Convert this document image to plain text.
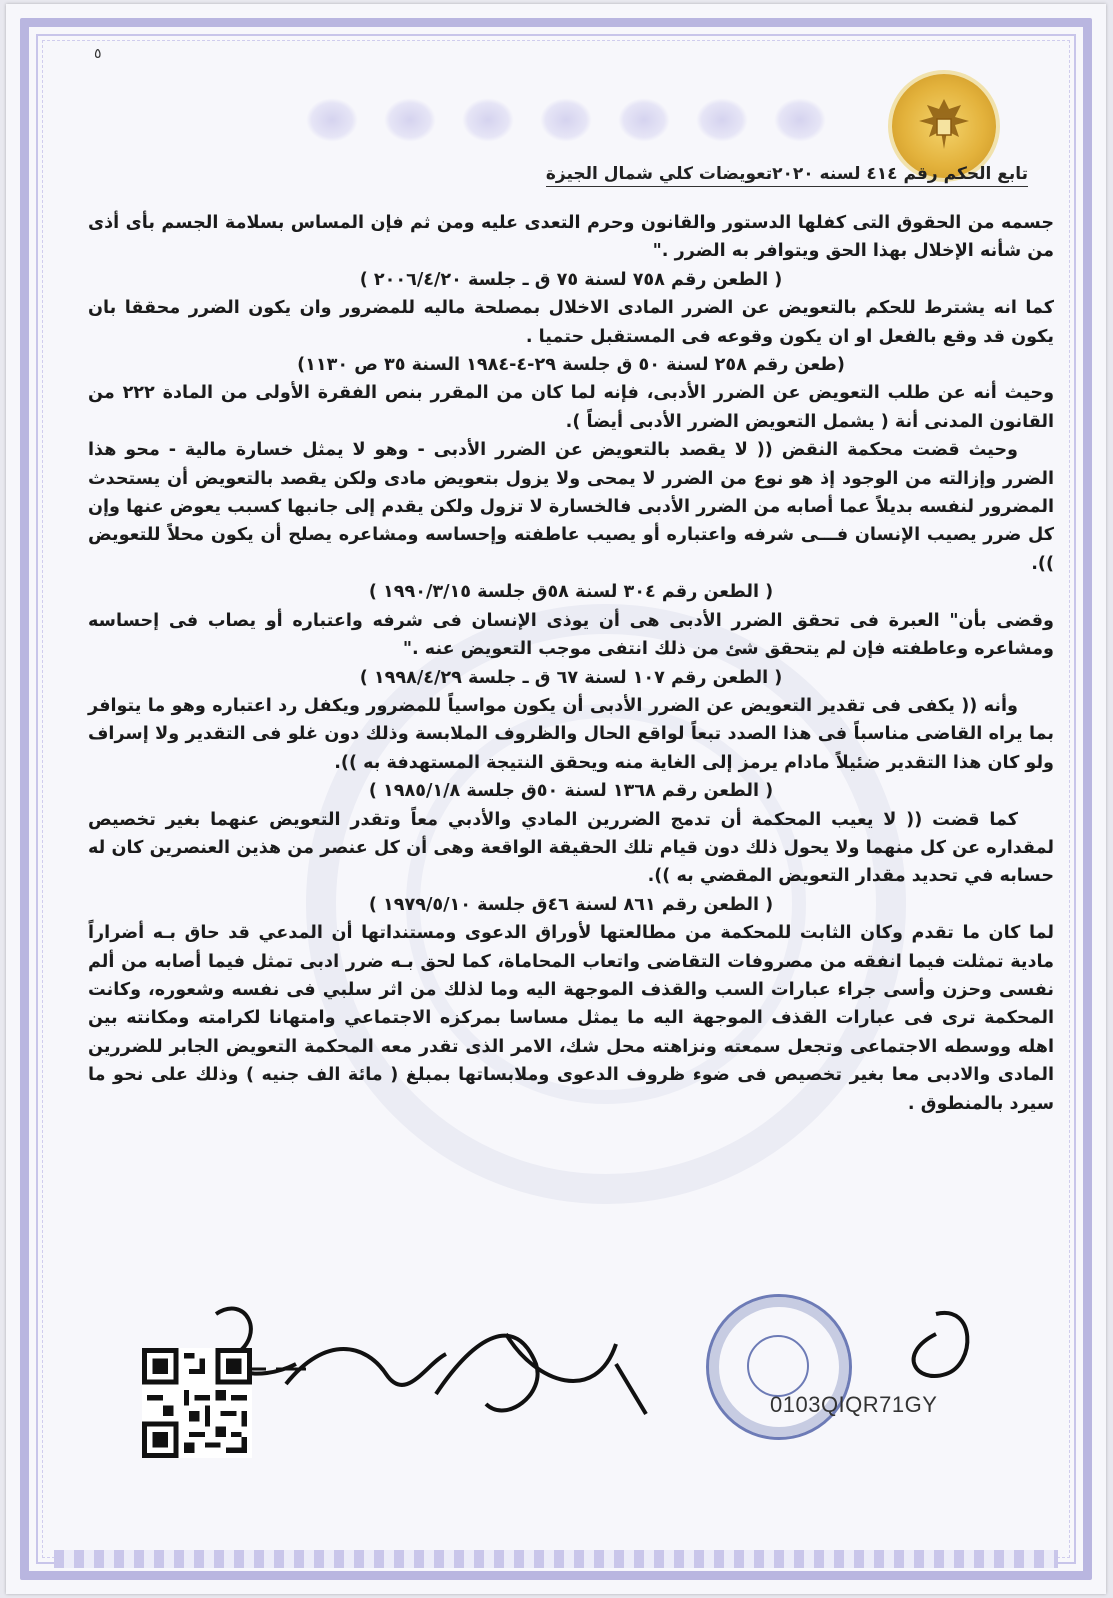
٥
تابع الحكم رقم ٤١٤ لسنه ٢٠٢٠تعويضات كلي شمال الجيزة

جسمه من الحقوق التى كفلها الدستور والقانون وحرم التعدى عليه ومن ثم فإن المساس بسلامة الجسم بأى أذى من شأنه الإخلال بهذا الحق ويتوافر به الضرر ."

( الطعن رقم ٧٥٨ لسنة ٧٥ ق ـ جلسة ٢٠٠٦/٤/٢٠ )

كما انه يشترط للحكم بالتعويض عن الضرر المادى الاخلال بمصلحة ماليه للمضرور وان يكون الضرر محققا بان يكون قد وقع بالفعل او ان يكون وقوعه فى المستقبل حتميا .

(طعن رقم ٢٥٨ لسنة ٥٠ ق جلسة ٢٩-٤-١٩٨٤ السنة ٣٥ ص ١١٣٠)

وحيث أنه عن طلب التعويض عن الضرر الأدبى، فإنه لما كان من المقرر بنص الفقرة الأولى من المادة ٢٢٢ من القانون المدنى أنة ( يشمل التعويض الضرر الأدبى أيضاً ).

وحيث قضت محكمة النقض (( لا يقصد بالتعويض عن الضرر الأدبى - وهو لا يمثل خسارة مالية - محو هذا الضرر وإزالته من الوجود إذ هو نوع من الضرر لا يمحى ولا يزول بتعويض مادى ولكن يقصد بالتعويض أن يستحدث المضرور لنفسه بديلاً عما أصابه من الضرر الأدبى فالخسارة لا تزول ولكن يقدم إلى جانبها كسبب يعوض عنها وإن كل ضرر يصيب الإنسان فـــى شرفه واعتباره أو يصيب عاطفته وإحساسه ومشاعره يصلح أن يكون محلاً للتعويض )).

( الطعن رقم ٣٠٤ لسنة ٥٨ق جلسة ١٩٩٠/٣/١٥ )

وقضى بأن" العبرة فى تحقق الضرر الأدبى هى أن يوذى الإنسان فى شرفه واعتباره أو يصاب فى إحساسه ومشاعره وعاطفته فإن لم يتحقق شئ من ذلك انتفى موجب التعويض عنه ."

( الطعن رقم ١٠٧ لسنة ٦٧ ق ـ جلسة ١٩٩٨/٤/٢٩ )

وأنه (( يكفى فى تقدير التعويض عن الضرر الأدبى أن يكون مواسياً للمضرور ويكفل رد اعتباره وهو ما يتوافر بما يراه القاضى مناسباً فى هذا الصدد تبعاً لواقع الحال والظروف الملابسة وذلك دون غلو فى التقدير ولا إسراف ولو كان هذا التقدير ضئيلاً مادام يرمز إلى الغاية منه ويحقق النتيجة المستهدفة به )).

( الطعن رقم ١٣٦٨ لسنة ٥٠ق جلسة ١٩٨٥/١/٨ )

كما قضت (( لا يعيب المحكمة أن تدمج الضررين المادي والأدبي معاً وتقدر التعويض عنهما بغير تخصيص لمقداره عن كل منهما ولا يحول ذلك دون قيام تلك الحقيقة الواقعة وهى أن كل عنصر من هذين العنصرين كان له حسابه في تحديد مقدار التعويض المقضي به )).

( الطعن رقم ٨٦١ لسنة ٤٦ق جلسة ١٩٧٩/٥/١٠ )

لما كان ما تقدم وكان الثابت للمحكمة من مطالعتها لأوراق الدعوى ومستنداتها أن المدعي قد حاق بـه أضراراً مادية تمثلت فيما انفقه من مصروفات التقاضى واتعاب المحاماة، كما لحق بـه ضرر ادبى تمثل فيما أصابه من ألم نفسى وحزن وأسى جراء عبارات السب والقذف الموجهة اليه وما لذلك من اثر سلبي فى نفسه وشعوره، وكانت المحكمة ترى فى عبارات القذف الموجهة اليه ما يمثل مساسا بمركزه الاجتماعي وامتهانا لكرامته ومكانته بين اهله ووسطه الاجتماعى وتجعل سمعته ونزاهته محل شك، الامر الذى تقدر معه المحكمة التعويض الجابر للضررين المادى والادبى معا بغير تخصيص فى ضوء ظروف الدعوى وملابساتها بمبلغ ( مائة الف جنيه ) وذلك على نحو ما سيرد بالمنطوق .

0103QIQR71GY
